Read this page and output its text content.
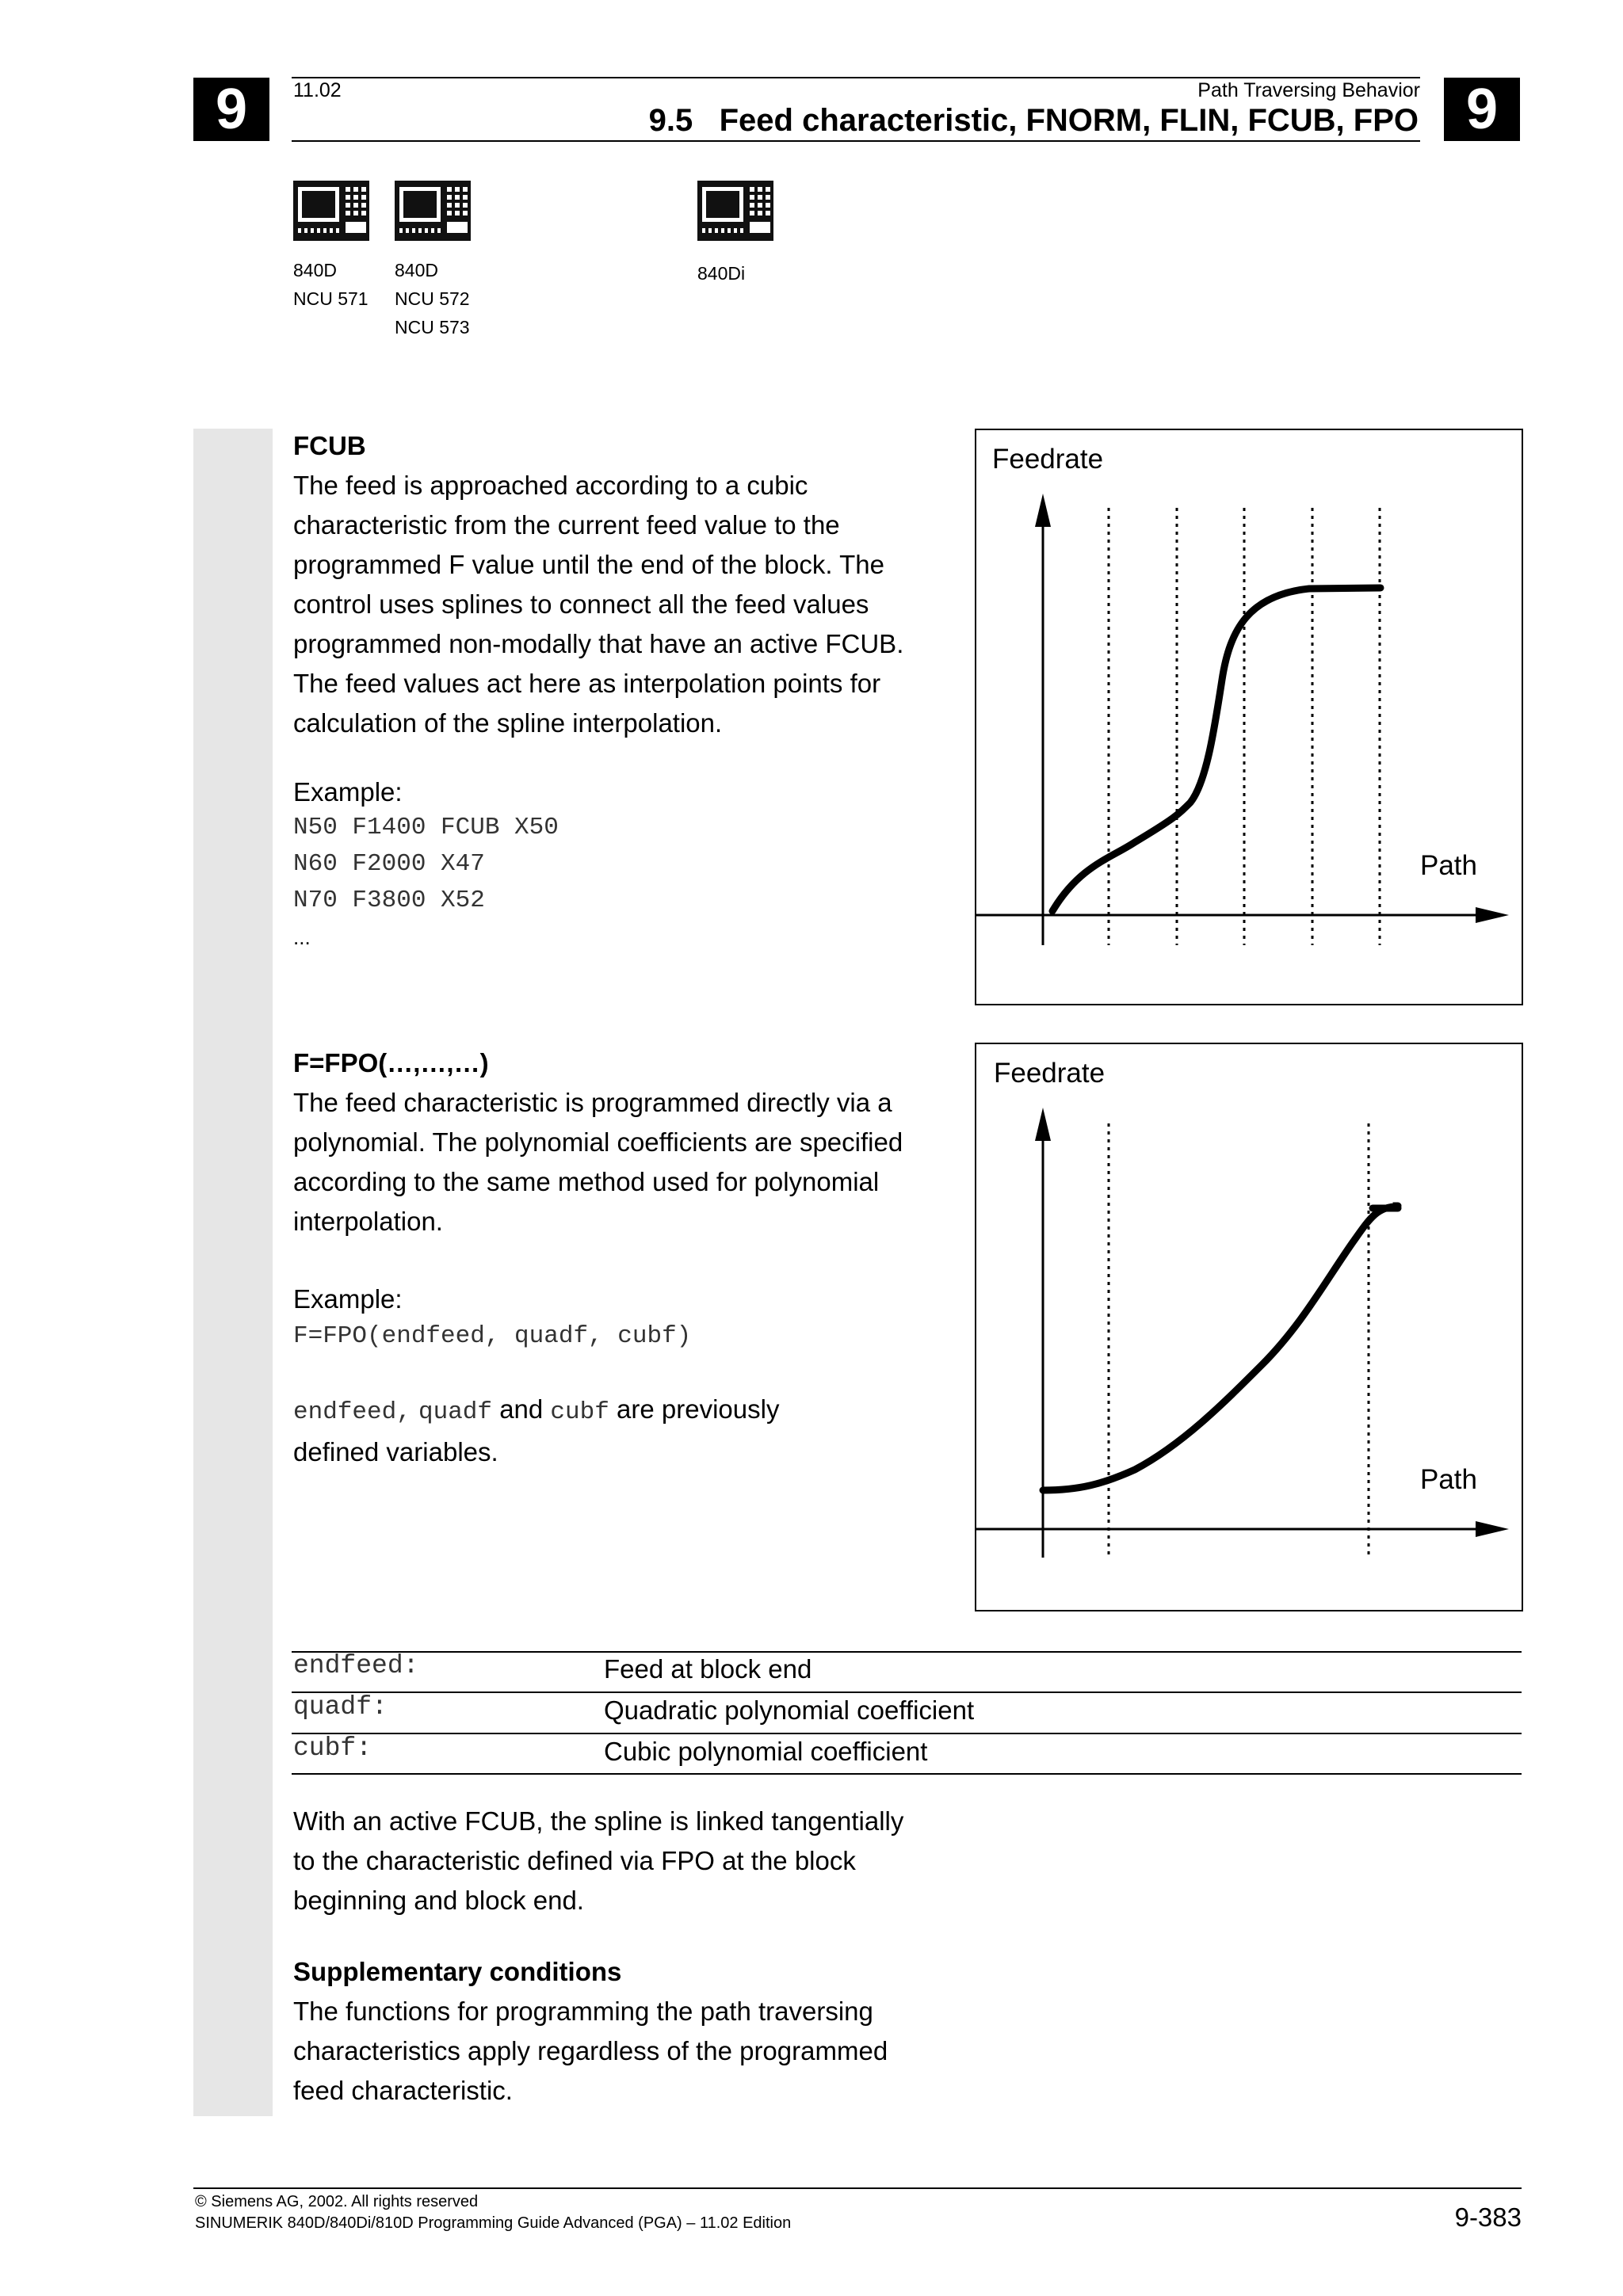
9	9
11.02	Path Traversing Behavior
9.5 Feed characteristic, FNORM, FLIN, FCUB, FPO
840D
NCU 571
840D
NCU 572
NCU 573
840Di
FCUB
The feed is approached according to a cubic
characteristic from the current feed value to the
programmed F value until the end of the block. The
control uses splines to connect all the feed values
programmed non-modally that have an active FCUB.
The feed values act here as interpolation points for
calculation of the spline interpolation.
Example:
N50 F1400 FCUB X50
N60 F2000 X47
N70 F3800 X52
...
Feedrate
Path
F=FPO(…,…,…)
The feed characteristic is programmed directly via a
polynomial. The polynomial coefficients are specified
according to the same method used for polynomial
interpolation.
Example:
F=FPO(endfeed, quadf, cubf)
endfeed, quadf and cubf are previously
defined variables.
Feedrate
Path
endfeed:	Feed at block end
quadf:	Quadratic polynomial coefficient
cubf:	Cubic polynomial coefficient
With an active FCUB, the spline is linked tangentially
to the characteristic defined via FPO at the block
beginning and block end.
Supplementary conditions
The functions for programming the path traversing
characteristics apply regardless of the programmed
feed characteristic.
© Siemens AG, 2002. All rights reserved
SINUMERIK 840D/840Di/810D Programming Guide Advanced (PGA) – 11.02 Edition	9-383
